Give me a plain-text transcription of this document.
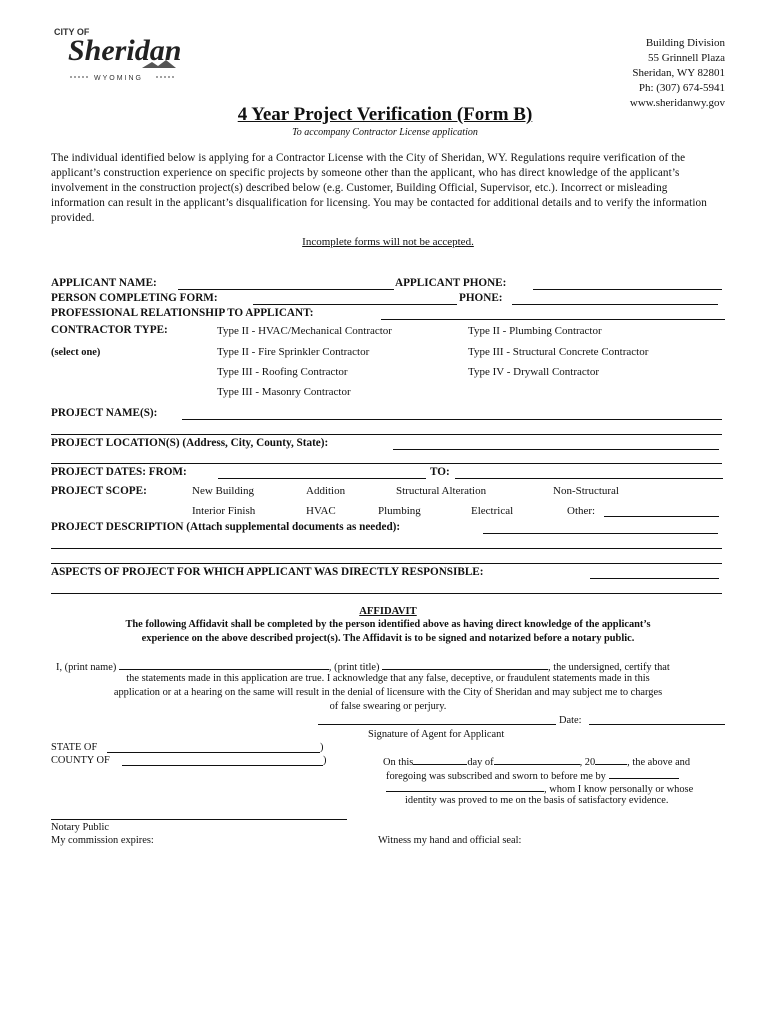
CITY OF
Sheridan
WYOMING
Building Division
55 Grinnell Plaza
Sheridan, WY 82801
Ph: (307) 674-5941
www.sheridanwy.gov
4 Year Project Verification (Form B)
To accompany Contractor License application
The individual identified below is applying for a Contractor License with the City of Sheridan, WY. Regulations require verification of the applicant’s construction experience on specific projects by someone other than the applicant, who has direct knowledge of the applicant’s involvement in the construction project(s) described below (e.g. Customer, Building Official, Supervisor, etc.). Incorrect or misleading information can result in the applicant’s disqualification for licensing. You may be contacted for additional details and to verify the information provided.
Incomplete forms will not be accepted.
APPLICANT NAME:	APPLICANT PHONE:
PERSON COMPLETING FORM:	PHONE:
PROFESSIONAL RELATIONSHIP TO APPLICANT:
CONTRACTOR TYPE:
(select one)
Type II - HVAC/Mechanical Contractor	Type II - Plumbing Contractor
Type II - Fire Sprinkler Contractor	Type III - Structural Concrete Contractor
Type III - Roofing Contractor	Type IV - Drywall Contractor
Type III - Masonry Contractor
PROJECT NAME(S):
PROJECT LOCATION(S) (Address, City, County, State):
PROJECT DATES: FROM:	TO:
PROJECT SCOPE:	New Building	Addition	Structural Alteration	Non-Structural
Interior Finish	HVAC	Plumbing	Electrical	Other:
PROJECT DESCRIPTION (Attach supplemental documents as needed):
ASPECTS OF PROJECT FOR WHICH APPLICANT WAS DIRECTLY RESPONSIBLE:
AFFIDAVIT
The following Affidavit shall be completed by the person identified above as having direct knowledge of the applicant’s
experience on the above described project(s). The Affidavit is to be signed and notarized before a notary public.
I, (print name)	, (print title)	, the undersigned, certify that
the statements made in this application are true. I acknowledge that any false, deceptive, or fraudulent statements made in this
application or at a hearing on the same will result in the denial of licensure with the City of Sheridan and may subject me to charges
of false swearing or perjury.
Date:
Signature of Agent for Applicant
STATE OF	)
COUNTY OF	)	On this	day of	, 20	, the above and
foregoing was subscribed and sworn to before me by
, whom I know personally or whose
identity was proved to me on the basis of satisfactory evidence.
Notary Public
My commission expires:	Witness my hand and official seal:
